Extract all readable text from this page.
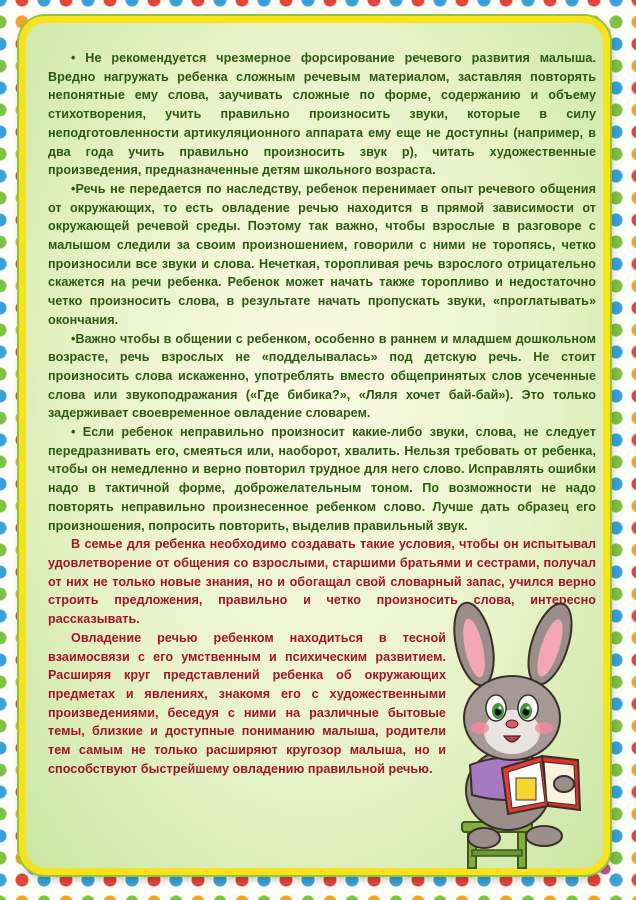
• Не рекомендуется чрезмерное форсирование речевого развития малыша. Вредно нагружать ребенка сложным речевым материалом, заставляя повторять непонятные ему слова, заучивать сложные по форме, содержанию и объему стихотворения, учить правильно произносить звуки, которые в силу неподготовленности артикуляционного аппарата ему еще не доступны (например, в два года учить правильно произносить звук р), читать художественные произведения, предназначенные детям школьного возраста.

•Речь не передается по наследству, ребенок перенимает опыт речевого общения от окружающих, то есть овладение речью находится в прямой зависимости от окружающей речевой среды. Поэтому так важно, чтобы взрослые в разговоре с малышом следили за своим произношением, говорили с ними не торопясь, четко произносили все звуки и слова. Нечеткая, торопливая речь взрослого отрицательно скажется на речи ребенка. Ребенок может начать также торопливо и недостаточно четко произносить слова, в результате начать пропускать звуки, «проглатывать» окончания.

•Важно чтобы в общении с ребенком, особенно в раннем и младшем дошкольном возрасте, речь взрослых не «подделывалась» под детскую речь. Не стоит произносить слова искаженно, употреблять вместо общепринятых слов усеченные слова или звукоподражания («Где бибика?», «Ляля хочет бай-бай»). Это только задерживает своевременное овладение словарем.

• Если ребенок неправильно произносит какие-либо звуки, слова, не следует передразнивать его, смеяться или, наоборот, хвалить. Нельзя требовать от ребенка, чтобы он немедленно и верно повторил трудное для него слово. Исправлять ошибки надо в тактичной форме, доброжелательным тоном. По возможности не надо повторять неправильно произнесенное ребенком слово. Лучше дать образец его произношения, попросить повторить, выделив правильный звук.

В семье для ребенка необходимо создавать такие условия, чтобы он испытывал удовлетворение от общения со взрослыми, старшими братьями и сестрами, получал от них не только новые знания, но и обогащал свой словарный запас, учился верно строить предложения, правильно и четко произносить слова, интересно рассказывать.

Овладение речью ребенком находиться в тесной взаимосвязи с его умственным и психическим развитием. Расширяя круг представлений ребенка об окружающих предметах и явлениях, знакомя его с художественными произведениями, беседуя с ними на различные бытовые темы, близкие и доступные пониманию малыша, родители тем самым не только расширяют кругозор малыша, но и способствуют быстрейшему овладению правильной речью.
